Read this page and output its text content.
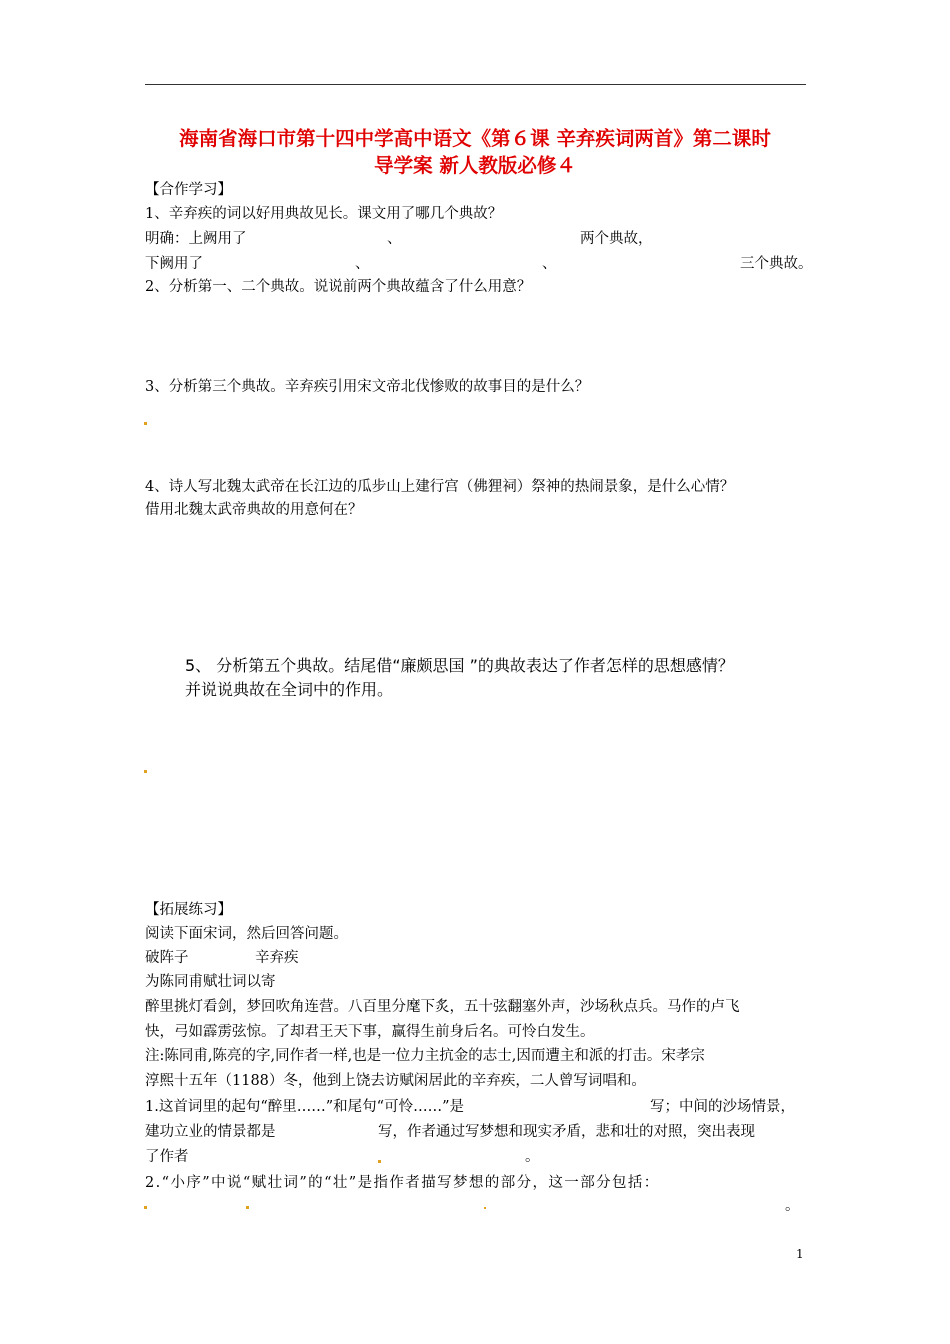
海南省海口市第十四中学高中语文《第６课 辛弃疾词两首》第二课时
导学案 新人教版必修４
【合作学习】
1、辛弃疾的词以好用典故见长。课文用了哪几个典故？
明确：上阙用了	、	两个典故，
下阙用了	、	、	三个典故。
2、分析第一、二个典故。说说前两个典故蕴含了什么用意？
3、分析第三个典故。辛弃疾引用宋文帝北伐惨败的故事目的是什么？
4、诗人写北魏太武帝在长江边的瓜步山上建行宫（佛狸祠）祭神的热闹景象，是什么心情？
借用北魏太武帝典故的用意何在？
5、 分析第五个典故。结尾借“廉颇思国 ”的典故表达了作者怎样的思想感情？
并说说典故在全词中的作用。
【拓展练习】
阅读下面宋词，然后回答问题。
破阵子	辛弃疾
为陈同甫赋壮词以寄
醉里挑灯看剑，梦回吹角连营。八百里分麾下炙，五十弦翻塞外声，沙场秋点兵。马作的卢飞
快，弓如霹雳弦惊。了却君王天下事，赢得生前身后名。可怜白发生。
注:陈同甫,陈亮的字,同作者一样,也是一位力主抗金的志士,因而遭主和派的打击。宋孝宗
淳熙十五年（1188）冬，他到上饶去访赋闲居此的辛弃疾，二人曾写词唱和。
1.这首词里的起句“醉里……”和尾句“可怜……”是	写；中间的沙场情景，
建功立业的情景都是	写，作者通过写梦想和现实矛盾，悲和壮的对照，突出表现
了作者	。
2.“小序”中说“赋壮词”的“壮”是指作者描写梦想的部分，这一部分包括：
。
1
